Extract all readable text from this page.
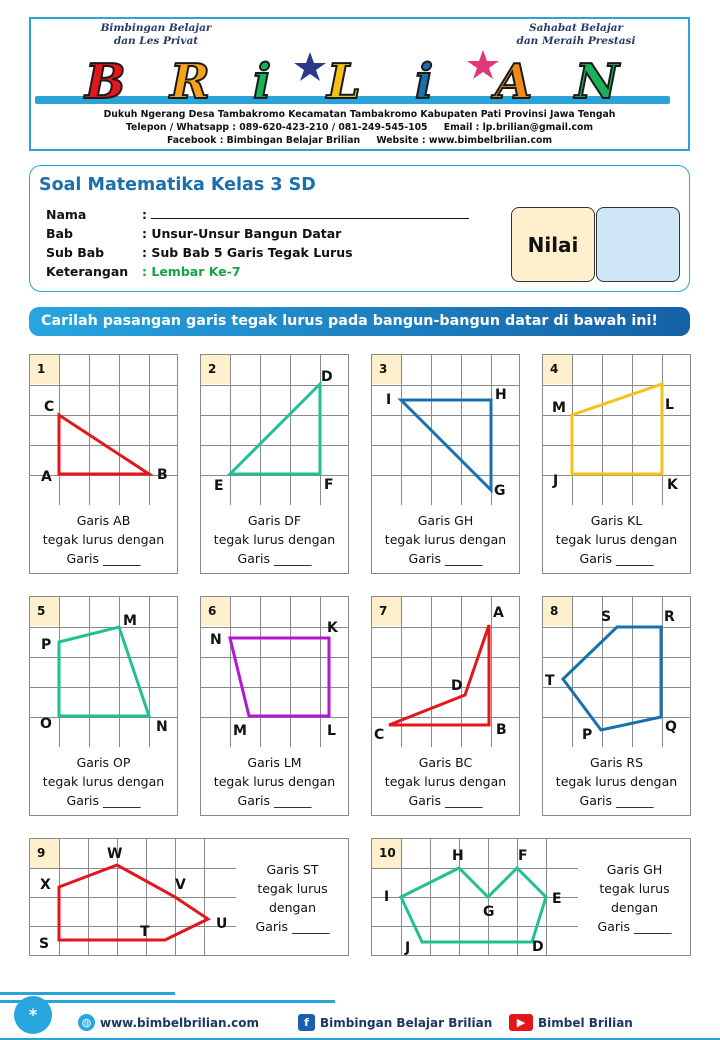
Bimbingan Belajar
dan Les Privat
Sahabat Belajar
dan Meraih Prestasi
B R i L i A N
Dukuh Ngerang Desa Tambakromo Kecamatan Tambakromo Kabupaten Pati Provinsi Jawa Tengah
Telepon / Whatsapp : 089-620-423-210 / 081-249-545-105 Email : lp.brilian@gmail.com
Facebook : Bimbingan Belajar Brilian Website : www.bimbelbrilian.com
Soal Matematika Kelas 3 SD
Nama	:
Bab	: Unsur-Unsur Bangun Datar
Sub Bab	: Sub Bab 5 Garis Tegak Lurus
Keterangan	: Lembar Ke-7
Nilai
Carilah pasangan garis tegak lurus pada bangun-bangun datar di bawah ini!
A	B
C
1
Garis AB
tegak lurus dengan
Garis ______
D
E	F
2
Garis DF
tegak lurus dengan
Garis ______
I	H
G
3
Garis GH
tegak lurus dengan
Garis ______
M	L
J	K
4
Garis KL
tegak lurus dengan
Garis ______
M
P
O	N
5
Garis OP
tegak lurus dengan
Garis ______
N
K
M	L
6
Garis LM
tegak lurus dengan
Garis ______
A
D
C	B
7
Garis BC
tegak lurus dengan
Garis ______
S	R
T
P	Q
8
Garis RS
tegak lurus dengan
Garis ______
W
X	V
T	U
S
9
Garis ST
tegak lurus
dengan
Garis ______
H	F
I
G
E
J	D
10
Garis GH
tegak lurus
dengan
Garis ______
*	◍ www.bimbelbrilian.com	f Bimbingan Belajar Brilian	▶	Bimbel Brilian
